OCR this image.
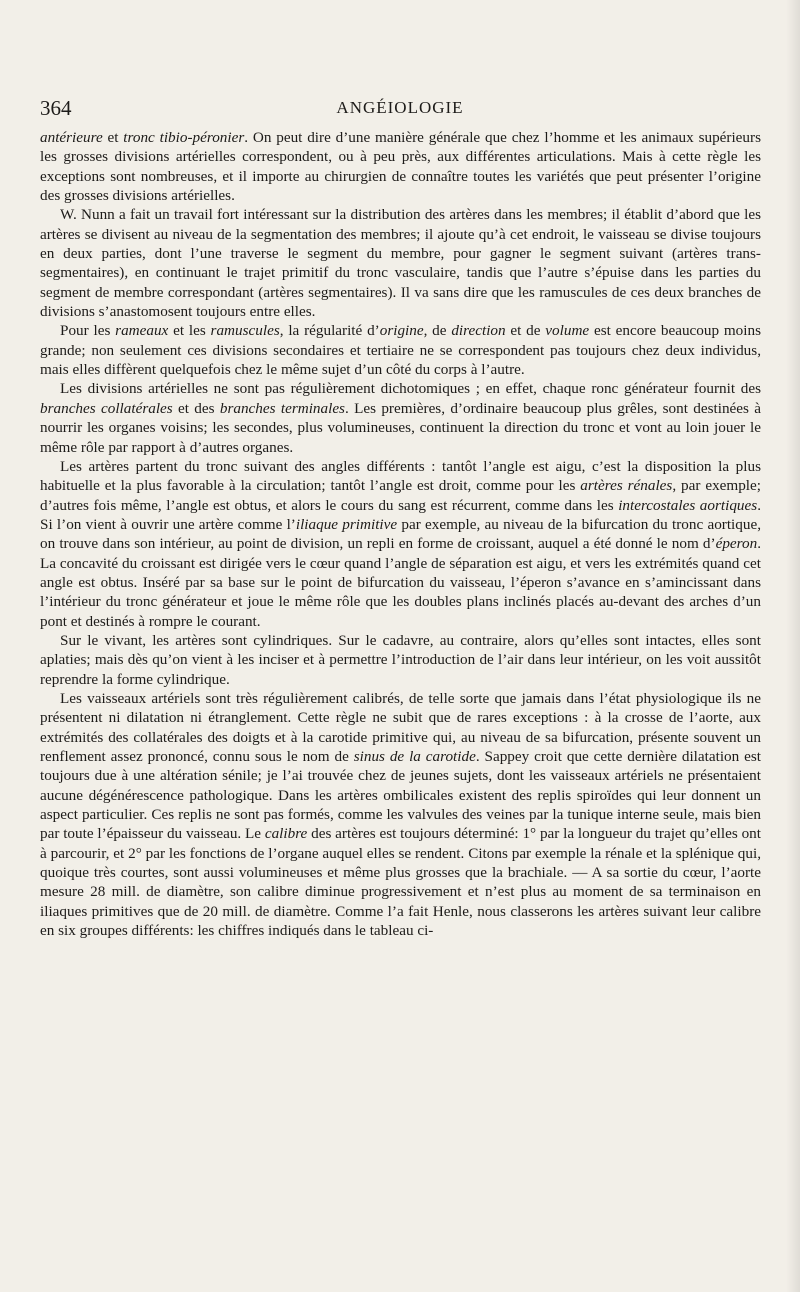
364	ANGÉIOLOGIE

antérieure et tronc tibio-péronier. On peut dire d’une manière générale que chez l’homme et les animaux supérieurs les grosses divisions artérielles correspondent, ou à peu près, aux différentes articulations. Mais à cette règle les exceptions sont nombreuses, et il importe au chirurgien de connaître toutes les variétés que peut présenter l’origine des grosses divisions artérielles.

W. Nunn a fait un travail fort intéressant sur la distribution des artères dans les membres; il établit d’abord que les artères se divisent au niveau de la segmentation des membres; il ajoute qu’à cet endroit, le vaisseau se divise toujours en deux parties, dont l’une traverse le segment du membre, pour gagner le segment suivant (artères trans-segmentaires), en continuant le trajet primitif du tronc vasculaire, tandis que l’autre s’épuise dans les parties du segment de membre correspondant (artères segmentaires). Il va sans dire que les ramuscules de ces deux branches de divisions s’anastomosent toujours entre elles.

Pour les rameaux et les ramuscules, la régularité d’origine, de direction et de volume est encore beaucoup moins grande; non seulement ces divisions secondaires et tertiaire ne se correspondent pas toujours chez deux individus, mais elles diffèrent quelquefois chez le même sujet d’un côté du corps à l’autre.

Les divisions artérielles ne sont pas régulièrement dichotomiques ; en effet, chaque ronc générateur fournit des branches collatérales et des branches terminales. Les premières, d’ordinaire beaucoup plus grêles, sont destinées à nourrir les organes voisins; les secondes, plus volumineuses, continuent la direction du tronc et vont au loin jouer le même rôle par rapport à d’autres organes.

Les artères partent du tronc suivant des angles différents : tantôt l’angle est aigu, c’est la disposition la plus habituelle et la plus favorable à la circulation; tantôt l’angle est droit, comme pour les artères rénales, par exemple; d’autres fois même, l’angle est obtus, et alors le cours du sang est récurrent, comme dans les intercostales aortiques. Si l’on vient à ouvrir une artère comme l’iliaque primitive par exemple, au niveau de la bifurcation du tronc aortique, on trouve dans son intérieur, au point de division, un repli en forme de croissant, auquel a été donné le nom d’éperon. La concavité du croissant est dirigée vers le cœur quand l’angle de séparation est aigu, et vers les extrémités quand cet angle est obtus. Inséré par sa base sur le point de bifurcation du vaisseau, l’éperon s’avance en s’amincissant dans l’intérieur du tronc générateur et joue le même rôle que les doubles plans inclinés placés au-devant des arches d’un pont et destinés à rompre le courant.

Sur le vivant, les artères sont cylindriques. Sur le cadavre, au contraire, alors qu’elles sont intactes, elles sont aplaties; mais dès qu’on vient à les inciser et à permettre l’introduction de l’air dans leur intérieur, on les voit aussitôt reprendre la forme cylindrique.

Les vaisseaux artériels sont très régulièrement calibrés, de telle sorte que jamais dans l’état physiologique ils ne présentent ni dilatation ni étranglement. Cette règle ne subit que de rares exceptions : à la crosse de l’aorte, aux extrémités des collatérales des doigts et à la carotide primitive qui, au niveau de sa bifurcation, présente souvent un renflement assez prononcé, connu sous le nom de sinus de la carotide. Sappey croit que cette dernière dilatation est toujours due à une altération sénile; je l’ai trouvée chez de jeunes sujets, dont les vaisseaux artériels ne présentaient aucune dégénérescence pathologique. Dans les artères ombilicales existent des replis spiroïdes qui leur donnent un aspect particulier. Ces replis ne sont pas formés, comme les valvules des veines par la tunique interne seule, mais bien par toute l’épaisseur du vaisseau. Le calibre des artères est toujours déterminé: 1° par la longueur du trajet qu’elles ont à parcourir, et 2° par les fonctions de l’organe auquel elles se rendent. Citons par exemple la rénale et la splénique qui, quoique très courtes, sont aussi volumineuses et même plus grosses que la brachiale. — A sa sortie du cœur, l’aorte mesure 28 mill. de diamètre, son calibre diminue progressivement et n’est plus au moment de sa terminaison en iliaques primitives que de 20 mill. de diamètre. Comme l’a fait Henle, nous classerons les artères suivant leur calibre en six groupes différents: les chiffres indiqués dans le tableau ci-
